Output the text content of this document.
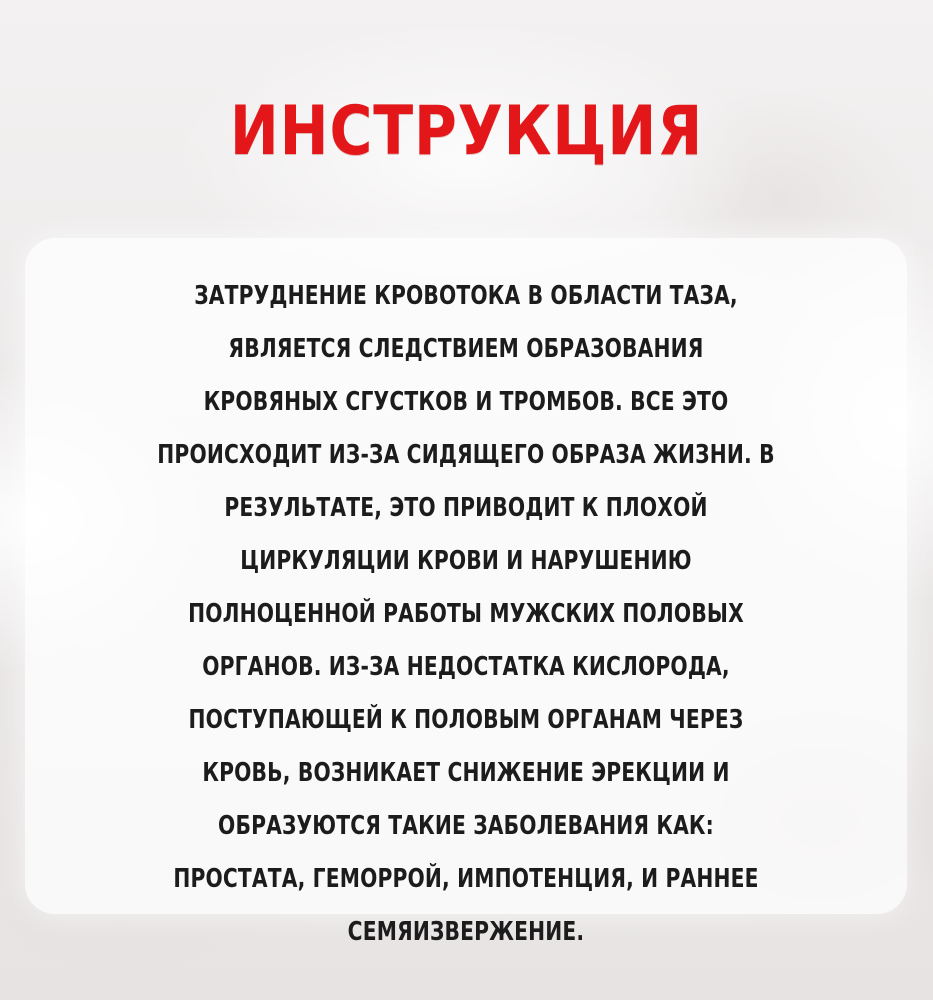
ИНСТРУКЦИЯ

ЗАТРУДНЕНИЕ КРОВОТОКА В ОБЛАСТИ ТАЗА,
ЯВЛЯЕТСЯ СЛЕДСТВИЕМ ОБРАЗОВАНИЯ
КРОВЯНЫХ СГУСТКОВ И ТРОМБОВ. ВСЕ ЭТО
ПРОИСХОДИТ ИЗ-ЗА СИДЯЩЕГО ОБРАЗА ЖИЗНИ. В
РЕЗУЛЬТАТЕ, ЭТО ПРИВОДИТ К ПЛОХОЙ
ЦИРКУЛЯЦИИ КРОВИ И НАРУШЕНИЮ
ПОЛНОЦЕННОЙ РАБОТЫ МУЖСКИХ ПОЛОВЫХ
ОРГАНОВ. ИЗ-ЗА НЕДОСТАТКА КИСЛОРОДА,
ПОСТУПАЮЩЕЙ К ПОЛОВЫМ ОРГАНАМ ЧЕРЕЗ
КРОВЬ, ВОЗНИКАЕТ СНИЖЕНИЕ ЭРЕКЦИИ И
ОБРАЗУЮТСЯ ТАКИЕ ЗАБОЛЕВАНИЯ КАК:
ПРОСТАТА, ГЕМОРРОЙ, ИМПОТЕНЦИЯ, И РАННЕЕ
СЕМЯИЗВЕРЖЕНИЕ.
